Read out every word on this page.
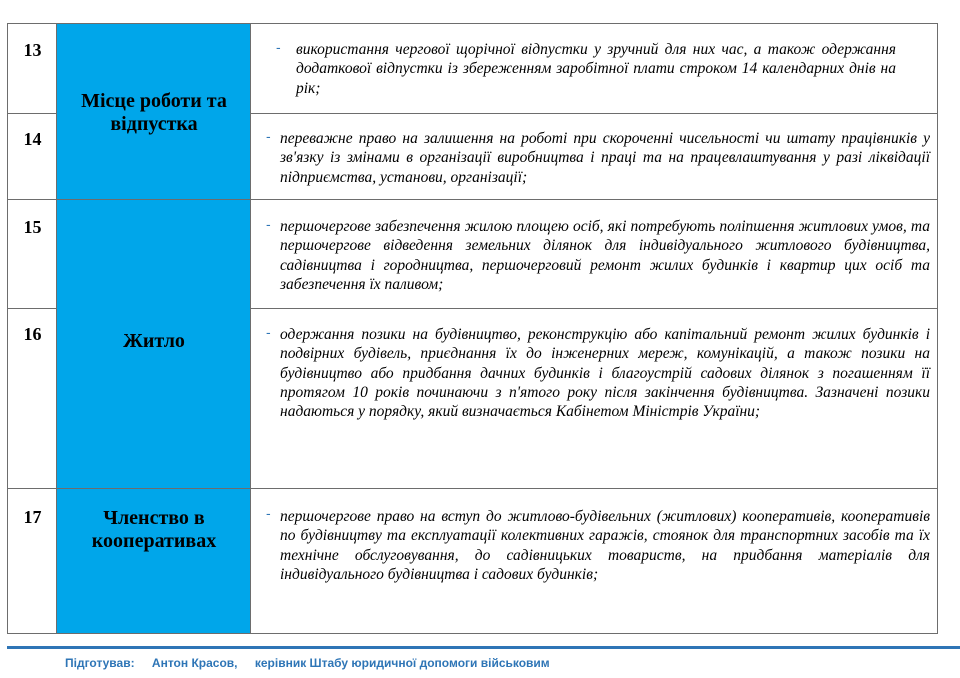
13
14
15
16
17
Місце роботи та відпустка
Житло
Членство в кооперативах
-
-
-
-
-
використання чергової щорічної відпустки у зручний для них час, а також одержання додаткової відпустки із збереженням заробітної плати строком 14 календарних днів на рік;
переважне право на залишення на роботі при скороченні чисельності чи штату працівників у зв'язку із змінами в організації виробництва і праці та на працевлаштування у разі ліквідації підприємства, установи, організації;
першочергове забезпечення жилою площею осіб, які потребують поліпшення житлових умов, та першочергове відведення земельних ділянок для індивідуального житлового будівництва, садівництва і городництва, першочерговий ремонт жилих будинків і квартир цих осіб та забезпечення їх паливом;
одержання позики на будівництво, реконструкцію або капітальний ремонт жилих будинків і подвірних будівель, приєднання їх до інженерних мереж, комунікацій, а також позики на будівництво або придбання дачних будинків і благоустрій садових ділянок з погашенням її протягом 10 років починаючи з п'ятого року після закінчення будівництва. Зазначені позики надаються у порядку, який визначається Кабінетом Міністрів України;
першочергове право на вступ до житлово-будівельних (житлових) кооперативів, кооперативів по будівництву та експлуатації колективних гаражів, стоянок для транспортних засобів та їх технічне обслуговування, до садівницьких товариств, на придбання матеріалів для індивідуального будівництва і садових будинків;
Підготував: Антон Красов, керівник Штабу юридичної допомоги військовим
